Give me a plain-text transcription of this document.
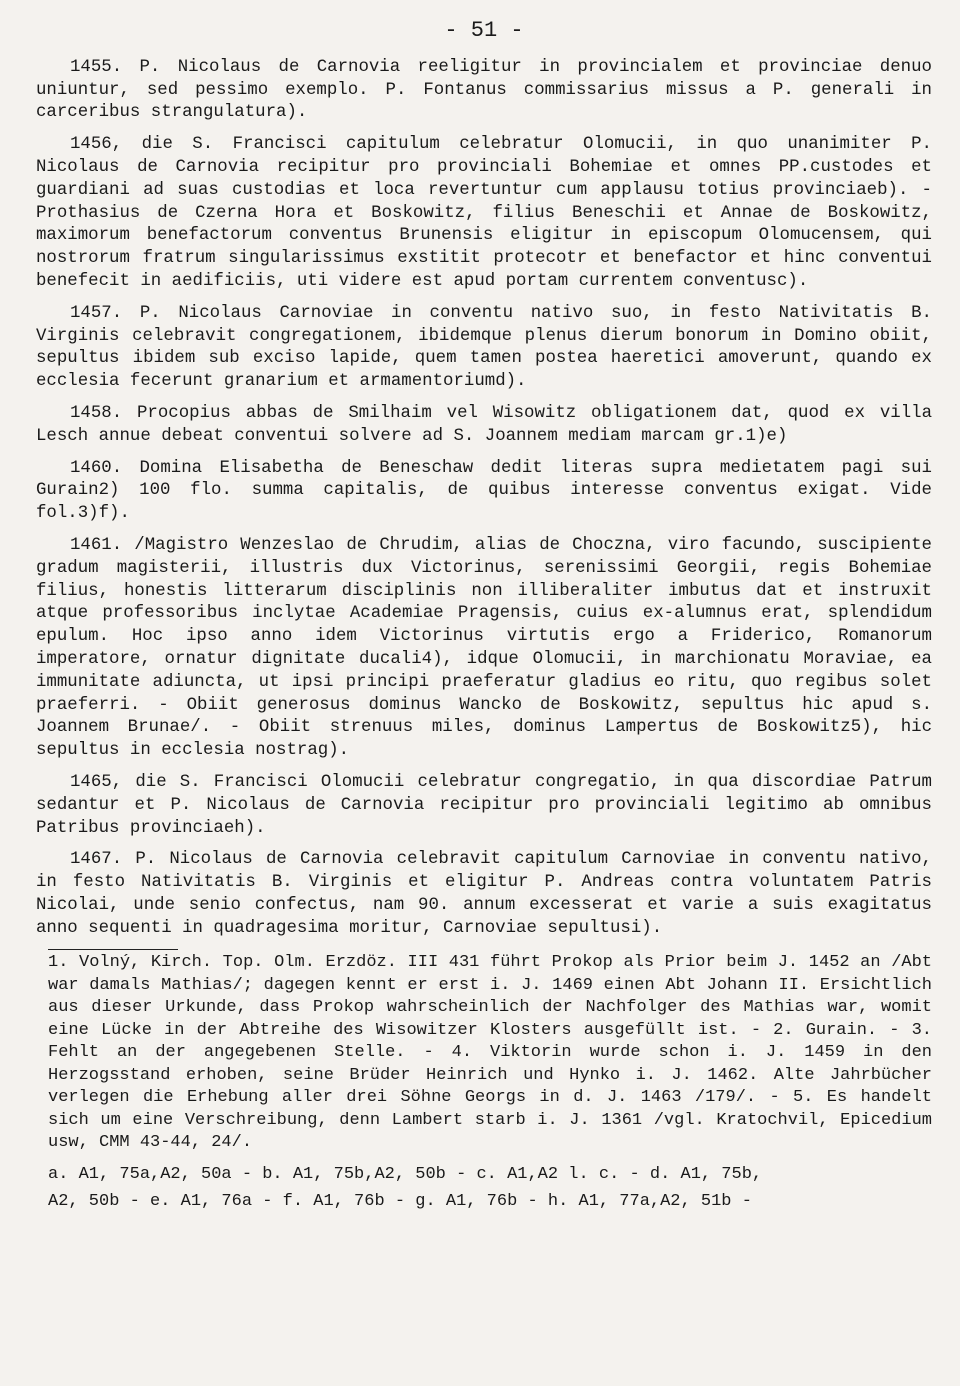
- 51 -

1455. P. Nicolaus de Carnovia reeligitur in provincialem et provinciae denuo uniuntur, sed pessimo exemplo. P. Fontanus commissarius missus a P. generali in carceribus strangulatura).

1456, die S. Francisci capitulum celebratur Olomucii, in quo unanimiter P. Nicolaus de Carnovia recipitur pro provinciali Bohemiae et omnes PP.custodes et guardiani ad suas custodias et loca revertuntur cum applausu totius provinciaeb). - Prothasius de Czerna Hora et Boskowitz, filius Beneschii et Annae de Boskowitz, maximorum benefactorum conventus Brunensis eligitur in episcopum Olomucensem, qui nostrorum fratrum singularissimus exstitit protecotr et benefactor et hinc conventui benefecit in aedificiis, uti videre est apud portam currentem conventusc).

1457. P. Nicolaus Carnoviae in conventu nativo suo, in festo Nativitatis B. Virginis celebravit congregationem, ibidemque plenus dierum bonorum in Domino obiit, sepultus ibidem sub exciso lapide, quem tamen postea haeretici amoverunt, quando ex ecclesia fecerunt granarium et armamentoriumd).

1458. Procopius abbas de Smilhaim vel Wisowitz obligationem dat, quod ex villa Lesch annue debeat conventui solvere ad S. Joannem mediam marcam gr.1)e)

1460. Domina Elisabetha de Beneschaw dedit literas supra medietatem pagi sui Gurain2) 100 flo. summa capitalis, de quibus interesse conventus exigat. Vide fol.3)f).

1461. /Magistro Wenzeslao de Chrudim, alias de Choczna, viro facundo, suscipiente gradum magisterii, illustris dux Victorinus, serenissimi Georgii, regis Bohemiae filius, honestis litterarum disciplinis non illiberaliter imbutus dat et instruxit atque professoribus inclytae Academiae Pragensis, cuius ex-alumnus erat, splendidum epulum. Hoc ipso anno idem Victorinus virtutis ergo a Friderico, Romanorum imperatore, ornatur dignitate ducali4), idque Olomucii, in marchionatu Moraviae, ea immunitate adiuncta, ut ipsi principi praeferatur gladius eo ritu, quo regibus solet praeferri. - Obiit generosus dominus Wancko de Boskowitz, sepultus hic apud s. Joannem Brunae/. - Obiit strenuus miles, dominus Lampertus de Boskowitz5), hic sepultus in ecclesia nostrag).

1465, die S. Francisci Olomucii celebratur congregatio, in qua discordiae Patrum sedantur et P. Nicolaus de Carnovia recipitur pro provinciali legitimo ab omnibus Patribus provinciaeh).

1467. P. Nicolaus de Carnovia celebravit capitulum Carnoviae in conventu nativo, in festo Nativitatis B. Virginis et eligitur P. Andreas contra voluntatem Patris Nicolai, unde senio confectus, nam 90. annum excesserat et varie a suis exagitatus anno sequenti in quadragesima moritur, Carnoviae sepultusi).

1. Volný, Kirch. Top. Olm. Erzdöz. III 431 führt Prokop als Prior beim J. 1452 an /Abt war damals Mathias/; dagegen kennt er erst i. J. 1469 einen Abt Johann II. Ersichtlich aus dieser Urkunde, dass Prokop wahrscheinlich der Nachfolger des Mathias war, womit eine Lücke in der Abtreihe des Wisowitzer Klosters ausgefüllt ist. - 2. Gurain. - 3. Fehlt an der angegebenen Stelle. - 4. Viktorin wurde schon i. J. 1459 in den Herzogsstand erhoben, seine Brüder Heinrich und Hynko i. J. 1462. Alte Jahrbücher verlegen die Erhebung aller drei Söhne Georgs in d. J. 1463 /179/. - 5. Es handelt sich um eine Verschreibung, denn Lambert starb i. J. 1361 /vgl. Kratochvil, Epicedium usw, CMM 43-44, 24/.

a. A1, 75a,A2, 50a - b. A1, 75b,A2, 50b - c. A1,A2 l. c. - d. A1, 75b,
A2, 50b - e. A1, 76a - f. A1, 76b - g. A1, 76b - h. A1, 77a,A2, 51b -
